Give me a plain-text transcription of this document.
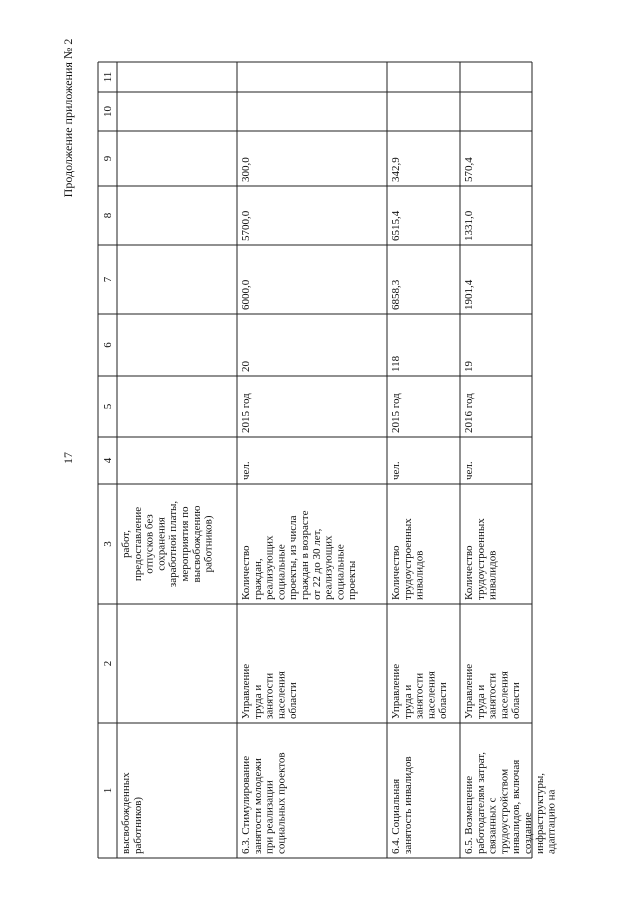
Продолжение приложения № 2
17
1
2
3
4
5
6
7
8
9
10
11
высвобожденных работников)
работ, предоставление отпусков без сохранения заработной платы, мероприятия по высвобождению работников)
6.3. Стимулирование занятости молодежи при реализации социальных проектов
Управление труда и занятости населения области
Количество граждан, реализующих социальные проекты, из числа граждан в возрасте от 22 до 30 лет, реализующих социальные проекты
чел.
2015 год
20
6000,0
5700,0
300,0
6.4. Социальная занятость инвалидов
Управление труда и занятости населения области
Количество трудоустроенных инвалидов
чел.
2015 год
118
6858,3
6515,4
342,9
6.5. Возмещение работодателям затрат, связанных с трудоустройством инвалидов, включая создание инфраструктуры, адаптацию на
Управление труда и занятости населения области
Количество трудоустроенных инвалидов
чел.
2016 год
19
1901,4
1331,0
570,4
